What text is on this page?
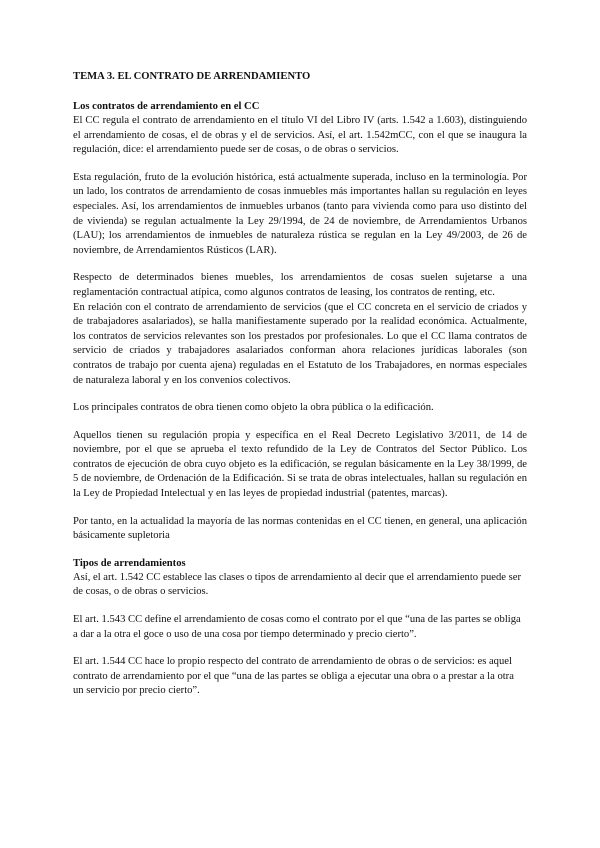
TEMA 3. EL CONTRATO DE ARRENDAMIENTO
Los contratos de arrendamiento en el CC

El CC regula el contrato de arrendamiento en el título VI del Libro IV (arts. 1.542 a 1.603), distinguiendo el arrendamiento de cosas, el de obras y el de servicios. Así, el art. 1.542mCC, con el que se inaugura la regulación, dice: el arrendamiento puede ser de cosas, o de obras o servicios.

Esta regulación, fruto de la evolución histórica, está actualmente superada, incluso en la terminología. Por un lado, los contratos de arrendamiento de cosas inmuebles más importantes hallan su regulación en leyes especiales. Así, los arrendamientos de inmuebles urbanos (tanto para vivienda como para uso distinto del de vivienda) se regulan actualmente la Ley 29/1994, de 24 de noviembre, de Arrendamientos Urbanos (LAU); los arrendamientos de inmuebles de naturaleza rústica se regulan en la Ley 49/2003, de 26 de noviembre, de Arrendamientos Rústicos (LAR).

Respecto de determinados bienes muebles, los arrendamientos de cosas suelen sujetarse a una reglamentación contractual atípica, como algunos contratos de leasing, los contratos de renting, etc.

En relación con el contrato de arrendamiento de servicios (que el CC concreta en el servicio de criados y de trabajadores asalariados), se halla manifiestamente superado por la realidad económica. Actualmente, los contratos de servicios relevantes son los prestados por profesionales. Lo que el CC llama contratos de servicio de criados y trabajadores asalariados conforman ahora relaciones jurídicas laborales (son contratos de trabajo por cuenta ajena) reguladas en el Estatuto de los Trabajadores, en normas especiales de naturaleza laboral y en los convenios colectivos.

Los principales contratos de obra tienen como objeto la obra pública o la edificación.

Aquellos tienen su regulación propia y específica en el Real Decreto Legislativo 3/2011, de 14 de noviembre, por el que se aprueba el texto refundido de la Ley de Contratos del Sector Público. Los contratos de ejecución de obra cuyo objeto es la edificación, se regulan básicamente en la Ley 38/1999, de 5 de noviembre, de Ordenación de la Edificación. Si se trata de obras intelectuales, hallan su regulación en la Ley de Propiedad Intelectual y en las leyes de propiedad industrial (patentes, marcas).

Por tanto, en la actualidad la mayoría de las normas contenidas en el CC tienen, en general, una aplicación básicamente supletoria

Tipos de arrendamientos

Así, el art. 1.542 CC establece las clases o tipos de arrendamiento al decir que el arrendamiento puede ser de cosas, o de obras o servicios.

El art. 1.543 CC define el arrendamiento de cosas como el contrato por el que “una de las partes se obliga a dar a la otra el goce o uso de una cosa por tiempo determinado y precio cierto”.

El art. 1.544 CC hace lo propio respecto del contrato de arrendamiento de obras o de servicios: es aquel contrato de arrendamiento por el que “una de las partes se obliga a ejecutar una obra o a prestar a la otra un servicio por precio cierto”.
